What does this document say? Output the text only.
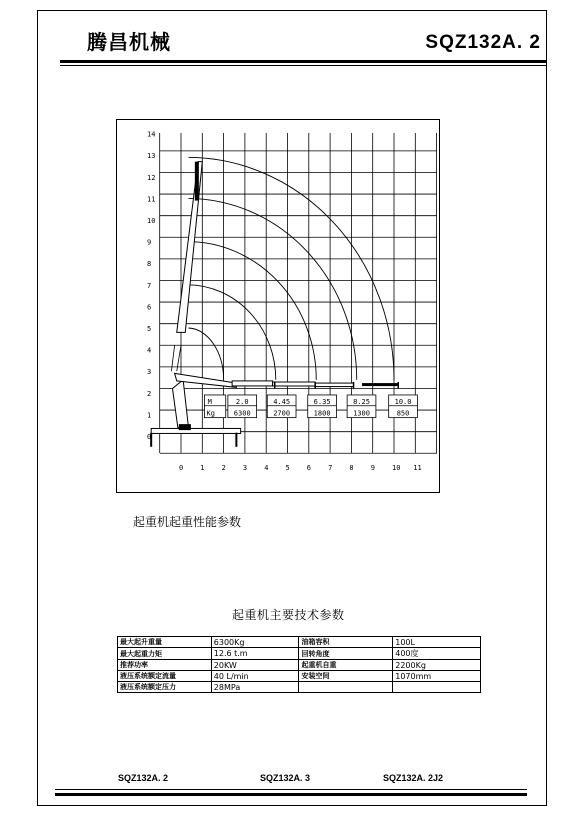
腾昌机械	SQZ132A. 2
0
1
2
3
4
5
6
7
8
9
10
11
12
13
14
0 1 2 3 4 5 6 7 8 9 10 11
M
Kg
2.0
6300
4.45
2700
6.35
1800
8.25
1300
10.0
850
起重机起重性能参数
起重机主要技术参数
最大起升重量	6300Kg	油箱容积	100L
最大起重力矩	12.6 t.m	回转角度	400度
推荐功率	20KW	起重机自重	2200Kg
液压系统额定流量	40 L/min	安装空间	1070mm
液压系统额定压力	28MPa		
SQZ132A. 2	SQZ132A. 3	SQZ132A. 2J2
